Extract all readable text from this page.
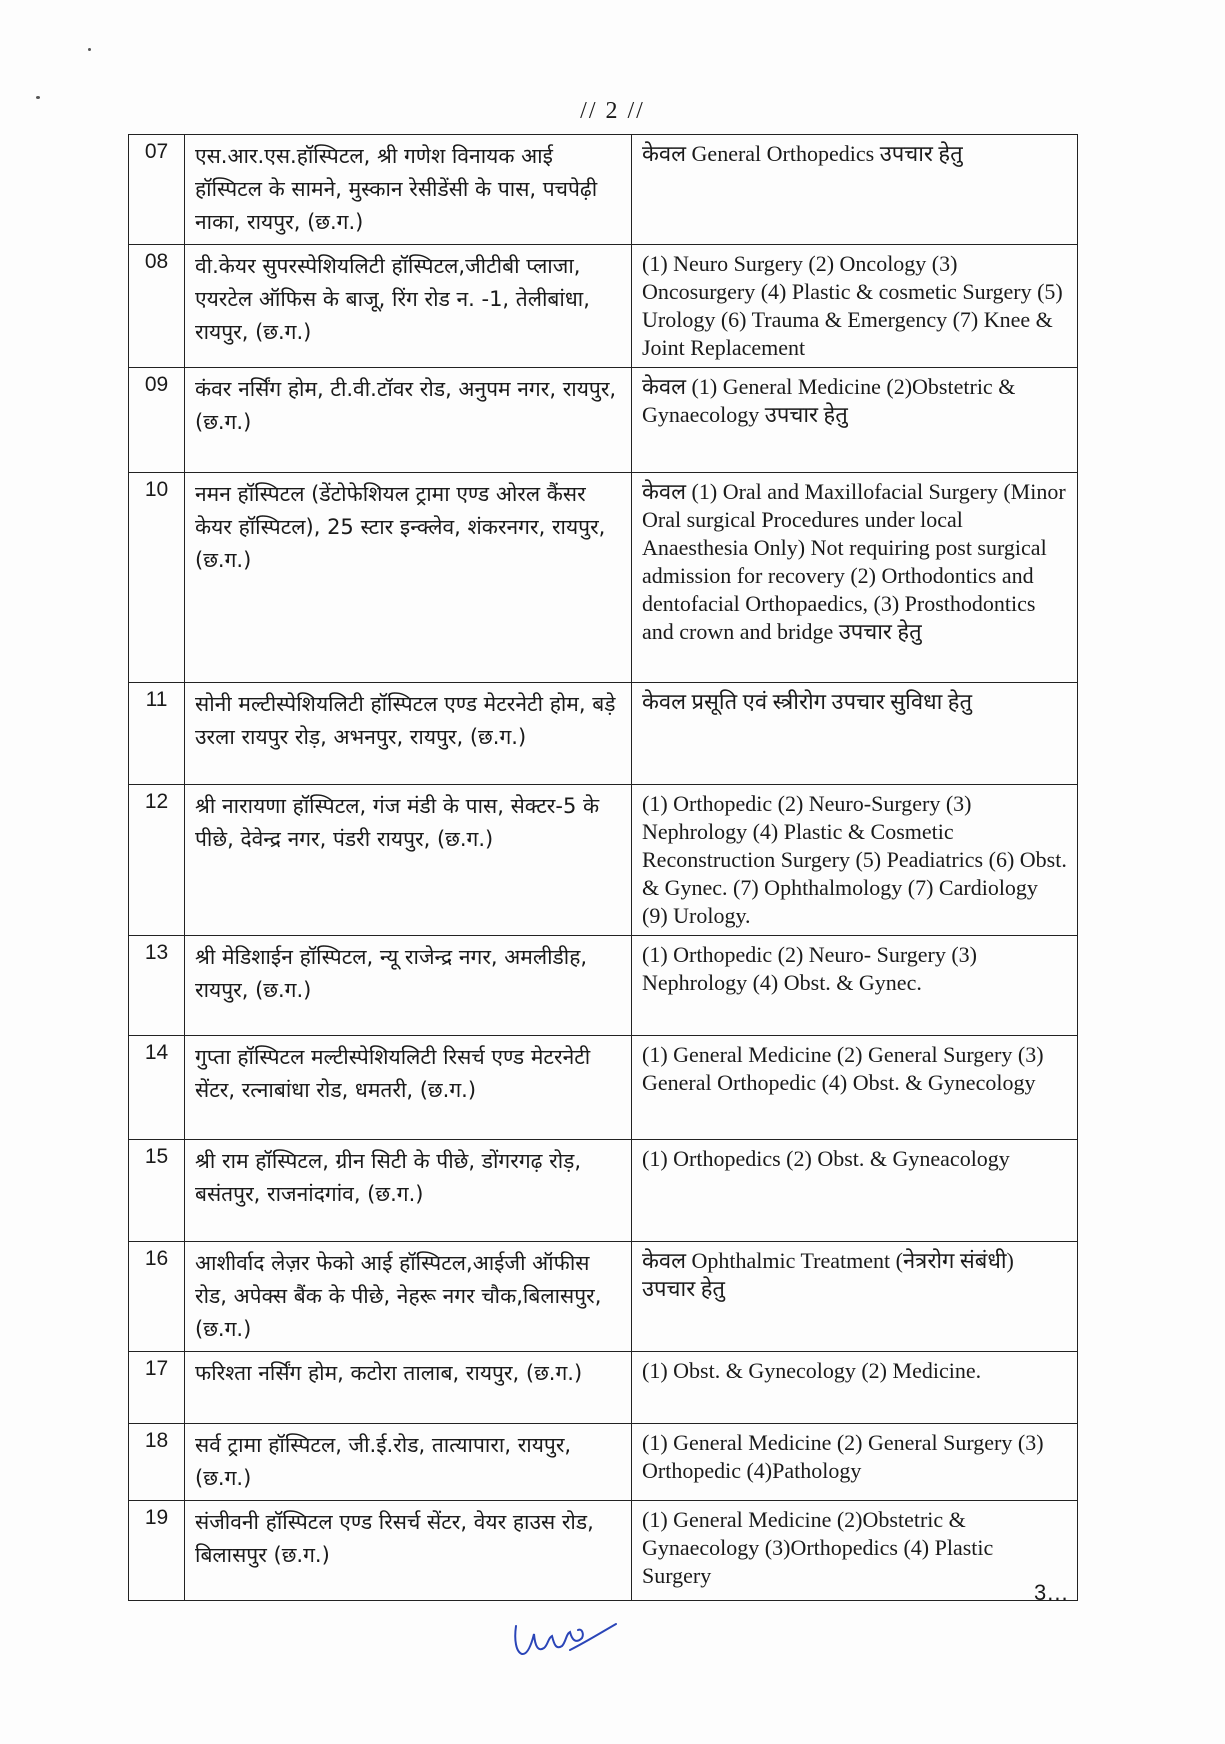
// 2 //
07	एस.आर.एस.हॉस्पिटल, श्री गणेश विनायक आई हॉस्पिटल के सामने, मुस्कान रेसीडेंसी के पास, पचपेढ़ी नाका, रायपुर, (छ.ग.)	केवल General Orthopedics उपचार हेतु
08	वी.केयर सुपरस्पेशियलिटी हॉस्पिटल,जीटीबी प्लाजा, एयरटेल ऑफिस के बाजू, रिंग रोड न. -1, तेलीबांधा, रायपुर, (छ.ग.)	(1) Neuro Surgery (2) Oncology (3) Oncosurgery (4) Plastic & cosmetic Surgery (5) Urology (6) Trauma & Emergency (7) Knee & Joint Replacement
09	कंवर नर्सिंग होम, टी.वी.टॉवर रोड, अनुपम नगर, रायपुर, (छ.ग.)	केवल (1) General Medicine (2)Obstetric & Gynaecology उपचार हेतु
10	नमन हॉस्पिटल (डेंटोफेशियल ट्रामा एण्ड ओरल कैंसर केयर हॉस्पिटल), 25 स्टार इन्क्लेव, शंकरनगर, रायपुर, (छ.ग.)	केवल (1) Oral and Maxillofacial Surgery (Minor Oral surgical Procedures under local Anaesthesia Only) Not requiring post surgical admission for recovery (2) Orthodontics and dentofacial Orthopaedics, (3) Prosthodontics and crown and bridge उपचार हेतु
11	सोनी मल्टीस्पेशियलिटी हॉस्पिटल एण्ड मेटरनेटी होम, बड़े उरला रायपुर रोड़, अभनपुर, रायपुर, (छ.ग.)	केवल प्रसूति एवं स्त्रीरोग उपचार सुविधा हेतु
12	श्री नारायणा हॉस्पिटल, गंज मंडी के पास, सेक्टर-5 के पीछे, देवेन्द्र नगर, पंडरी रायपुर, (छ.ग.)	(1) Orthopedic (2) Neuro-Surgery (3) Nephrology (4) Plastic & Cosmetic Reconstruction Surgery (5) Peadiatrics (6) Obst. & Gynec. (7) Ophthalmology (7) Cardiology (9) Urology.
13	श्री मेडिशाईन हॉस्पिटल, न्यू राजेन्द्र नगर, अमलीडीह, रायपुर, (छ.ग.)	(1) Orthopedic (2) Neuro- Surgery (3) Nephrology (4) Obst. & Gynec.
14	गुप्ता हॉस्पिटल मल्टीस्पेशियलिटी रिसर्च एण्ड मेटरनेटी सेंटर, रत्नाबांधा रोड, धमतरी, (छ.ग.)	(1) General Medicine (2) General Surgery (3) General Orthopedic (4) Obst. & Gynecology
15	श्री राम हॉस्पिटल, ग्रीन सिटी के पीछे, डोंगरगढ़ रोड़, बसंतपुर, राजनांदगांव, (छ.ग.)	(1) Orthopedics (2) Obst. & Gyneacology
16	आशीर्वाद लेज़र फेको आई हॉस्पिटल,आईजी ऑफीस रोड, अपेक्स बैंक के पीछे, नेहरू नगर चौक,बिलासपुर,(छ.ग.)	केवल Ophthalmic Treatment (नेत्ररोग संबंधी) उपचार हेतु
17	फरिश्ता नर्सिंग होम, कटोरा तालाब, रायपुर, (छ.ग.)	(1) Obst. & Gynecology (2) Medicine.
18	सर्व ट्रामा हॉस्पिटल, जी.ई.रोड, तात्यापारा, रायपुर, (छ.ग.)	(1) General Medicine (2) General Surgery (3) Orthopedic (4)Pathology
19	संजीवनी हॉस्पिटल एण्ड रिसर्च सेंटर, वेयर हाउस रोड, बिलासपुर (छ.ग.)	(1) General Medicine (2)Obstetric & Gynaecology (3)Orthopedics (4) Plastic Surgery
3...
